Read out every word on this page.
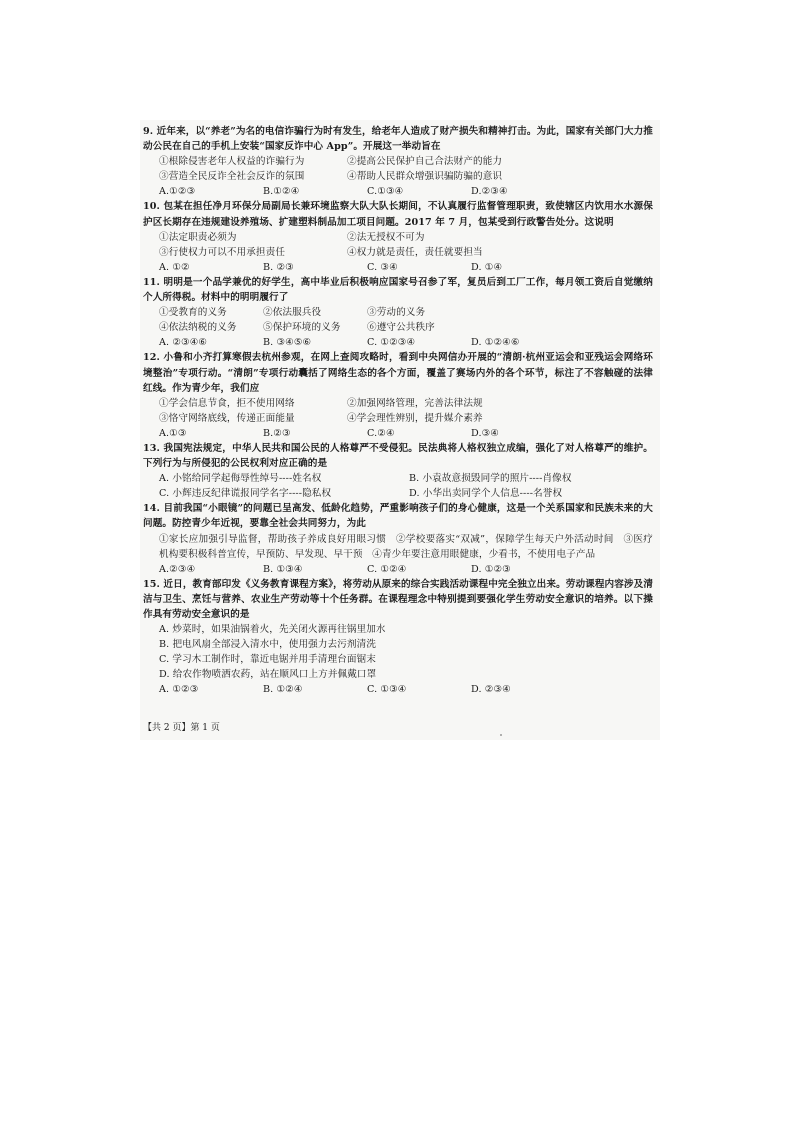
9. 近年来，以“养老”为名的电信诈骗行为时有发生，给老年人造成了财产损失和精神打击。为此，国家有关部门大力推动公民在自己的手机上安装“国家反诈中心 App”。开展这一举动旨在

①根除侵害老年人权益的诈骗行为	②提高公民保护自己合法财产的能力
③营造全民反诈全社会反诈的氛围	④帮助人民群众增强识骗防骗的意识
A.①②③	B.①②④	C.①③④	D.②③④

10. 包某在担任净月环保分局副局长兼环境监察大队大队长期间，不认真履行监督管理职责，致使辖区内饮用水水源保护区长期存在违规建设养殖场、扩建塑料制品加工项目问题。2017 年 7 月，包某受到行政警告处分。这说明

①法定职责必须为	②法无授权不可为
③行使权力可以不用承担责任	④权力就是责任，责任就要担当
A. ①②	B. ②③	C. ③④	D. ①④

11. 明明是一个品学兼优的好学生，高中毕业后积极响应国家号召参了军，复员后到工厂工作，每月领工资后自觉缴纳个人所得税。材料中的明明履行了

①受教育的义务	②依法服兵役	③劳动的义务
④依法纳税的义务	⑤保护环境的义务	⑥遵守公共秩序
A. ②③④⑥	B. ③④⑤⑥	C. ①②③④	D. ①②④⑥

12. 小鲁和小齐打算寒假去杭州参观，在网上查阅攻略时，看到中央网信办开展的“清朗·杭州亚运会和亚残运会网络环境整治”专项行动。“清朗”专项行动囊括了网络生态的各个方面，覆盖了赛场内外的各个环节，标注了不容触碰的法律红线。作为青少年，我们应

①学会信息节食，拒不使用网络	②加强网络管理，完善法律法规
③恪守网络底线，传递正面能量	④学会理性辨别，提升媒介素养
A.①③	B.②③	C.②④	D.③④

13. 我国宪法规定，中华人民共和国公民的人格尊严不受侵犯。民法典将人格权独立成编，强化了对人格尊严的维护。下列行为与所侵犯的公民权利对应正确的是

A. 小铭给同学起侮辱性绰号----姓名权	B. 小袁故意损毁同学的照片----肖像权
C. 小辉违反纪律谎报同学名字----隐私权	D. 小华出卖同学个人信息----名誉权

14. 目前我国“小眼镜”的问题已呈高发、低龄化趋势，严重影响孩子们的身心健康，这是一个关系国家和民族未来的大问题。防控青少年近视，要靠全社会共同努力，为此

①家长应加强引导监督，帮助孩子养成良好用眼习惯　②学校要落实“双减”，保障学生每天户外活动时间　③医疗机构要积极科普宣传，早预防、早发现、早干预　④青少年要注意用眼健康，少看书，不使用电子产品

A.②③④	B. ①③④	C. ①②④	D. ①②③

15. 近日，教育部印发《义务教育课程方案》，将劳动从原来的综合实践活动课程中完全独立出来。劳动课程内容涉及清洁与卫生、烹饪与营养、农业生产劳动等十个任务群。在课程理念中特别提到要强化学生劳动安全意识的培养。以下操作具有劳动安全意识的是

A. 炒菜时，如果油锅着火，先关闭火源再往锅里加水
B. 把电风扇全部浸入清水中，使用强力去污剂清洗
C. 学习木工制作时，靠近电锯并用手清理台面锯末
D. 给农作物喷洒农药，站在顺风口上方并佩戴口罩
A. ①②③	B. ①②④	C. ①③④	D. ②③④
【共 2 页】第 1 页
